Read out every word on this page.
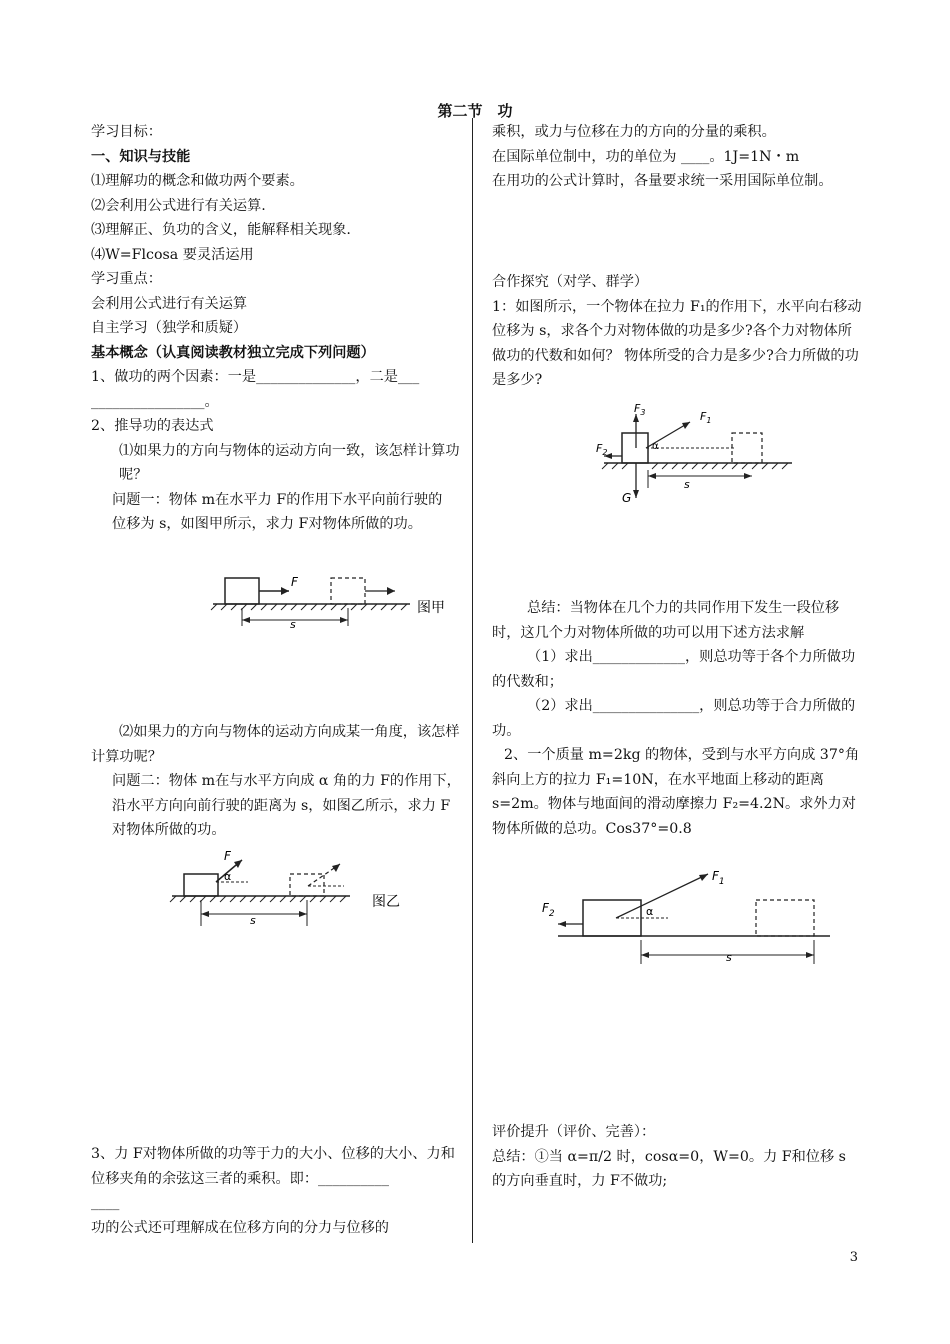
第二节　功

学习目标：

一、知识与技能

⑴理解功的概念和做功两个要素。

⑵会利用公式进行有关运算.

⑶理解正、负功的含义，能解释相关现象.

⑷W=Flcosa 要灵活运用

学习重点：

会利用公式进行有关运算

自主学习（独学和质疑）

基本概念（认真阅读教材独立完成下列问题）

1、做功的两个因素：一是______________，二是___

________________。

2、推导功的表达式

⑴如果力的方向与物体的运动方向一致，该怎样计算功呢？

问题一：物体 m在水平力 F的作用下水平向前行驶的位移为 s，如图甲所示，求力 F对物体所做的功。

⑵如果力的方向与物体的运动方向成某一角度，该怎样计算功呢？

问题二：物体 m在与水平方向成 α 角的力 F的作用下，沿水平方向向前行驶的距离为 s，如图乙所示，求力 F对物体所做的功。

3、力 F对物体所做的功等于力的大小、位移的大小、力和位移夹角的余弦这三者的乘积。即：__________

____

功的公式还可理解成在位移方向的分力与位移的

乘积，或力与位移在力的方向的分量的乘积。

在国际单位制中，功的单位为 ____。1J=1N・m

在用功的公式计算时，各量要求统一采用国际单位制。

合作探究（对学、群学）

1：如图所示，一个物体在拉力 F₁的作用下，水平向右移动位移为 s，求各个力对物体做的功是多少?各个力对物体所做功的代数和如何？ 物体所受的合力是多少?合力所做的功是多少?

总结：当物体在几个力的共同作用下发生一段位移时，这几个力对物体所做的功可以用下述方法求解

（1）求出_____________，则总功等于各个力所做功的代数和；

（2）求出_______________，则总功等于合力所做的功。

2、一个质量 m=2kg 的物体，受到与水平方向成 37°角斜向上方的拉力 F₁=10N，在水平地面上移动的距离 s=2m。物体与地面间的滑动摩擦力 F₂=4.2N。求外力对物体所做的总功。Cos37°=0.8

评价提升（评价、完善）：

总结：①当 α=π/2 时，cosα=0，W=0。力 F和位移 s 的方向垂直时，力 F不做功;

F
s
图甲
F
α
s
图乙
$F_3$	$F_1$
$F_2$
α
G
s
$F_1$
$F_2$	α
s
3
